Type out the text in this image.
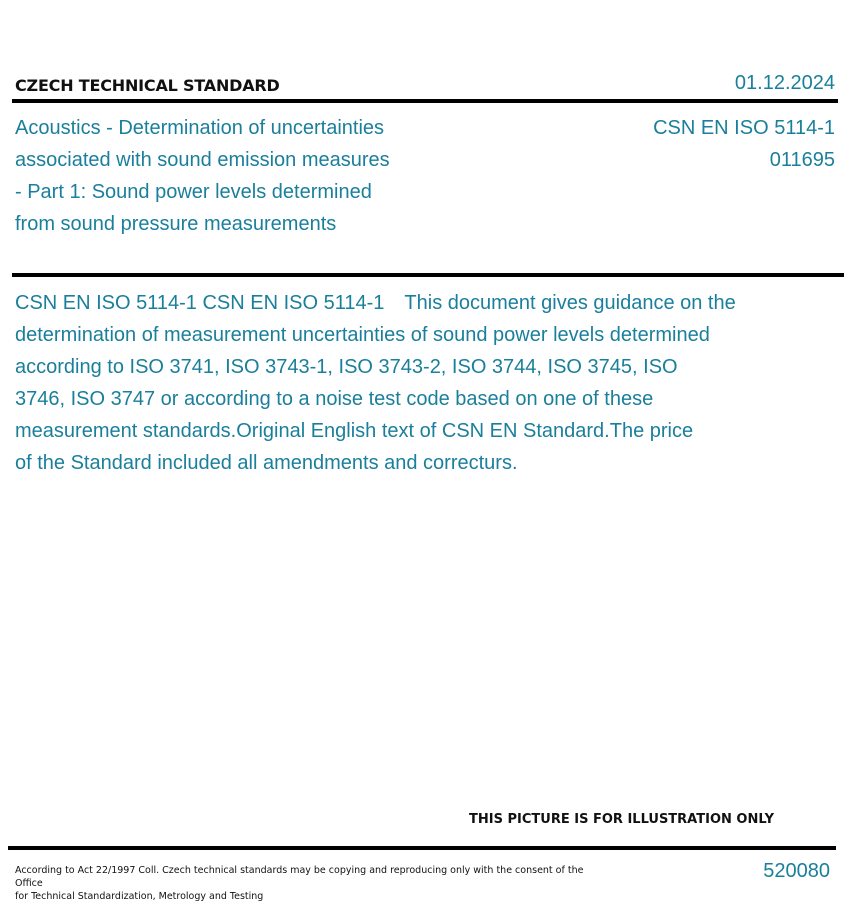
CZECH TECHNICAL STANDARD	01.12.2024
Acoustics - Determination of uncertainties
associated with sound emission measures
- Part 1: Sound power levels determined
from sound pressure measurements
CSN EN ISO 5114-1
011695
CSN EN ISO 5114-1 CSN EN ISO 5114-1 This document gives guidance on the
determination of measurement uncertainties of sound power levels determined
according to ISO 3741, ISO 3743-1, ISO 3743-2, ISO 3744, ISO 3745, ISO
3746, ISO 3747 or according to a noise test code based on one of these
measurement standards.Original English text of CSN EN Standard.The price
of the Standard included all amendments and correcturs.
THIS PICTURE IS FOR ILLUSTRATION ONLY
According to Act 22/1997 Coll. Czech technical standards may be copying and reproducing only with the consent of the Office
for Technical Standardization, Metrology and Testing
520080
